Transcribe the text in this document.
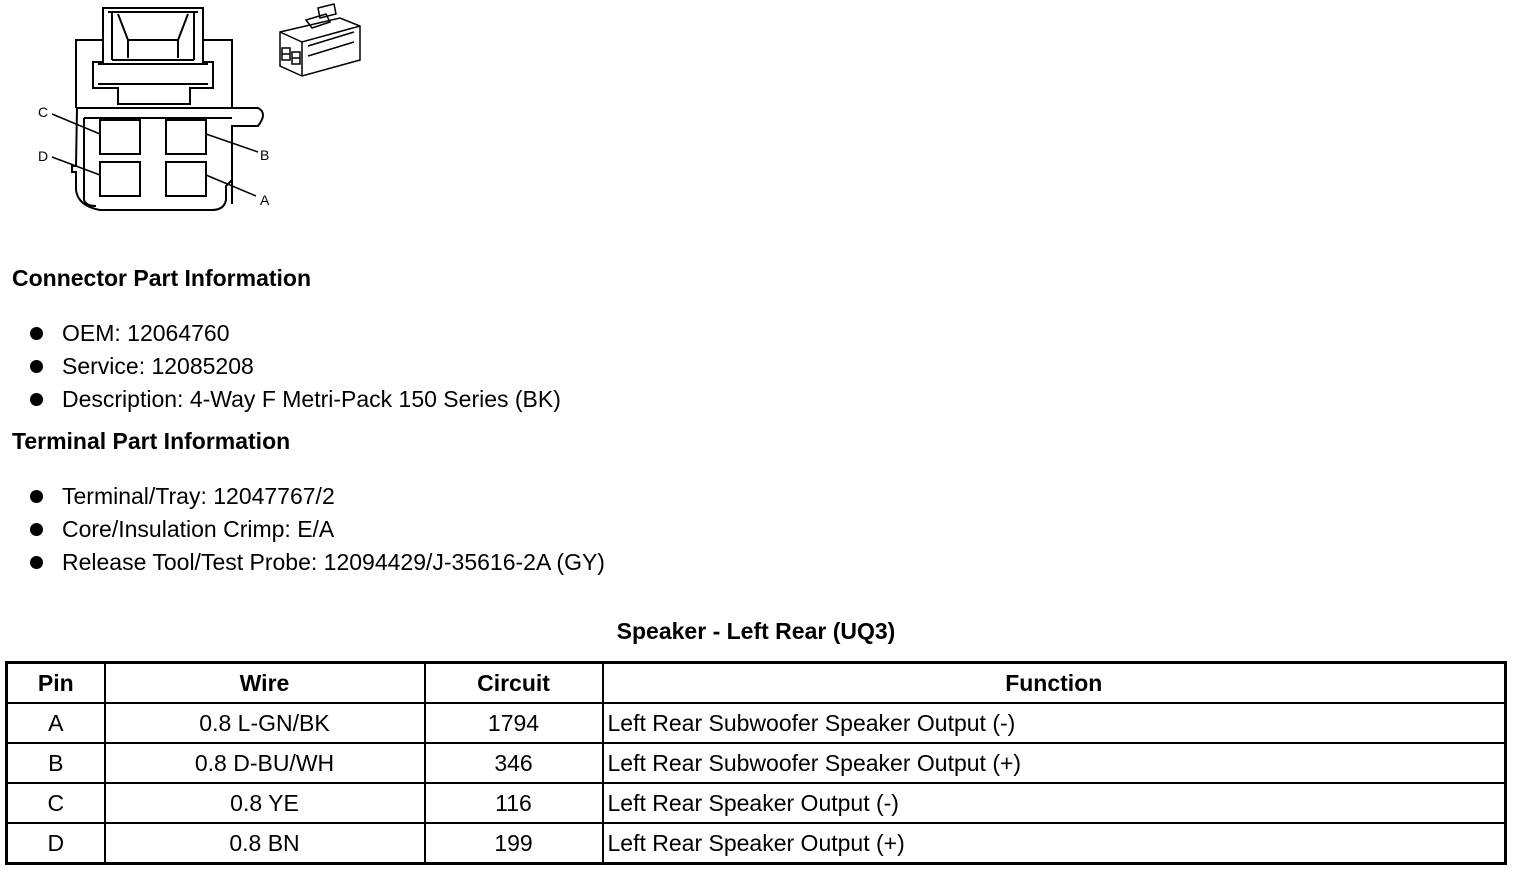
C
B
D
A
Connector Part Information
OEM: 12064760
Service: 12085208
Description: 4-Way F Metri-Pack 150 Series (BK)
Terminal Part Information
Terminal/Tray: 12047767/2
Core/Insulation Crimp: E/A
Release Tool/Test Probe: 12094429/J-35616-2A (GY)
Speaker - Left Rear (UQ3)
Pin	Wire	Circuit	Function
A	0.8 L-GN/BK	1794	Left Rear Subwoofer Speaker Output (-)
B	0.8 D-BU/WH	346	Left Rear Subwoofer Speaker Output (+)
C	0.8 YE	116	Left Rear Speaker Output (-)
D	0.8 BN	199	Left Rear Speaker Output (+)
